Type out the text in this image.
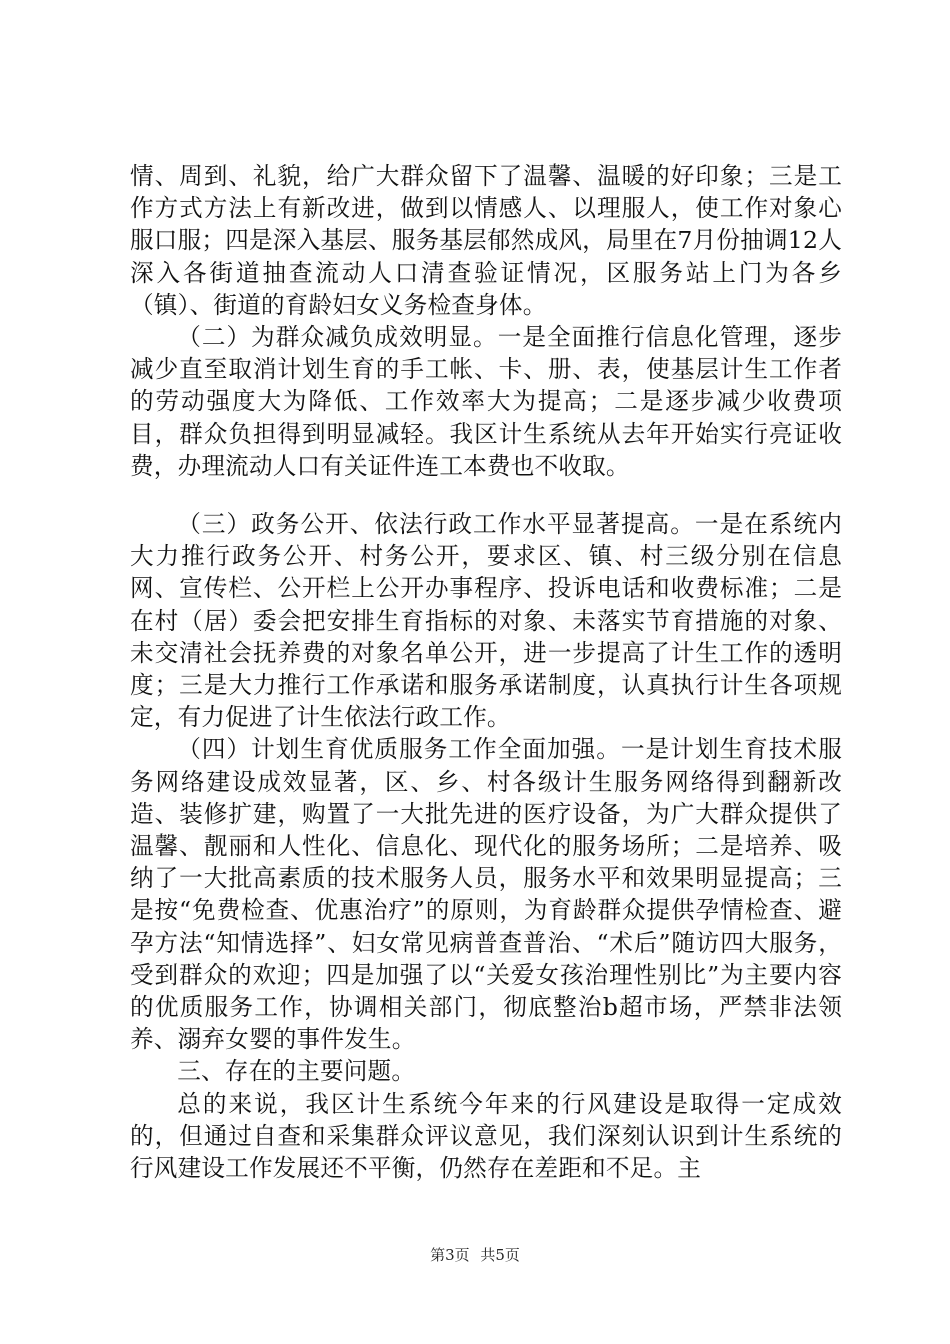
情、周到、礼貌，给广大群众留下了温馨、温暖的好印象；三是工作方式方法上有新改进，做到以情感人、以理服人，使工作对象心服口服；四是深入基层、服务基层郁然成风，局里在7月份抽调12人深入各街道抽查流动人口清查验证情况，区服务站上门为各乡（镇）、街道的育龄妇女义务检查身体。

（二）为群众减负成效明显。一是全面推行信息化管理，逐步减少直至取消计划生育的手工帐、卡、册、表，使基层计生工作者的劳动强度大为降低、工作效率大为提高；二是逐步减少收费项目，群众负担得到明显减轻。我区计生系统从去年开始实行亮证收费，办理流动人口有关证件连工本费也不收取。

（三）政务公开、依法行政工作水平显著提高。一是在系统内大力推行政务公开、村务公开，要求区、镇、村三级分别在信息网、宣传栏、公开栏上公开办事程序、投诉电话和收费标准；二是在村（居）委会把安排生育指标的对象、未落实节育措施的对象、未交清社会抚养费的对象名单公开，进一步提高了计生工作的透明度；三是大力推行工作承诺和服务承诺制度，认真执行计生各项规定，有力促进了计生依法行政工作。

（四）计划生育优质服务工作全面加强。一是计划生育技术服务网络建设成效显著，区、乡、村各级计生服务网络得到翻新改造、装修扩建，购置了一大批先进的医疗设备，为广大群众提供了温馨、靓丽和人性化、信息化、现代化的服务场所；二是培养、吸纳了一大批高素质的技术服务人员，服务水平和效果明显提高；三是按“免费检查、优惠治疗”的原则，为育龄群众提供孕情检查、避孕方法“知情选择”、妇女常见病普查普治、“术后”随访四大服务，受到群众的欢迎；四是加强了以“关爱女孩治理性别比”为主要内容的优质服务工作，协调相关部门，彻底整治b超市场，严禁非法领养、溺弃女婴的事件发生。

三、存在的主要问题。

总的来说，我区计生系统今年来的行风建设是取得一定成效的，但通过自查和采集群众评议意见，我们深刻认识到计生系统的行风建设工作发展还不平衡，仍然存在差距和不足。主

第3页 共5页
